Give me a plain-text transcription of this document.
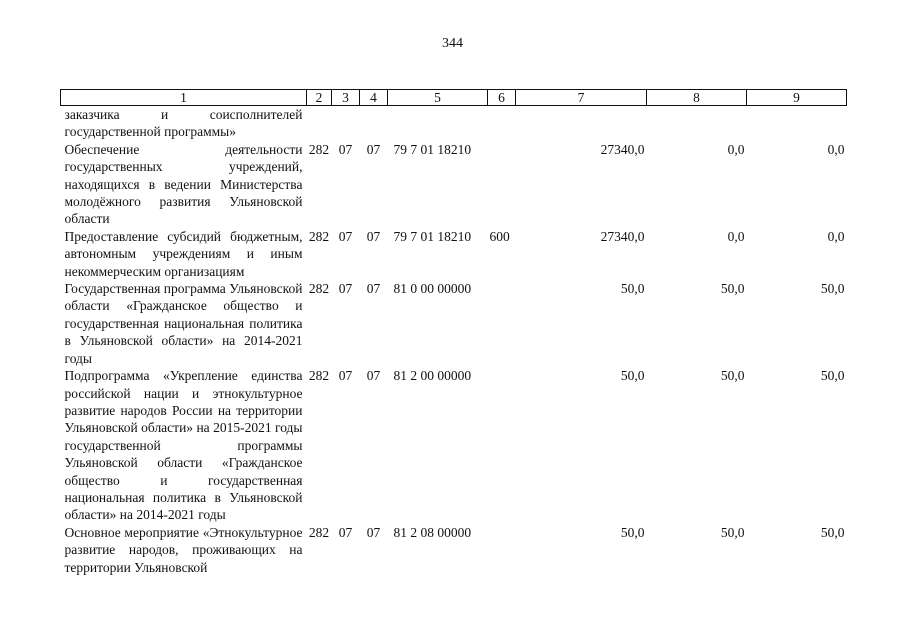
344
1	2	3	4	5	6	7	8	9
заказчика и соисполнителей государственной программы»								
Обеспечение деятельности государственных учреждений, находящихся в ведении Министерства молодёжного развития Ульяновской области	282	07	07	79 7 01 18210		27340,0	0,0	0,0
Предоставление субсидий бюджетным, автономным учреждениям и иным некоммерческим организациям	282	07	07	79 7 01 18210	600	27340,0	0,0	0,0
Государственная программа Ульяновской области «Гражданское общество и государственная национальная политика в Ульяновской области» на 2014-2021 годы	282	07	07	81 0 00 00000		50,0	50,0	50,0
Подпрограмма «Укрепление единства российской нации и этнокультурное развитие народов России на территории Ульяновской области» на 2015-2021 годы государственной программы Ульяновской области «Гражданское общество и государственная национальная политика в Ульяновской области» на 2014-2021 годы	282	07	07	81 2 00 00000		50,0	50,0	50,0
Основное мероприятие «Этнокультурное развитие народов, проживающих на территории Ульяновской	282	07	07	81 2 08 00000		50,0	50,0	50,0
